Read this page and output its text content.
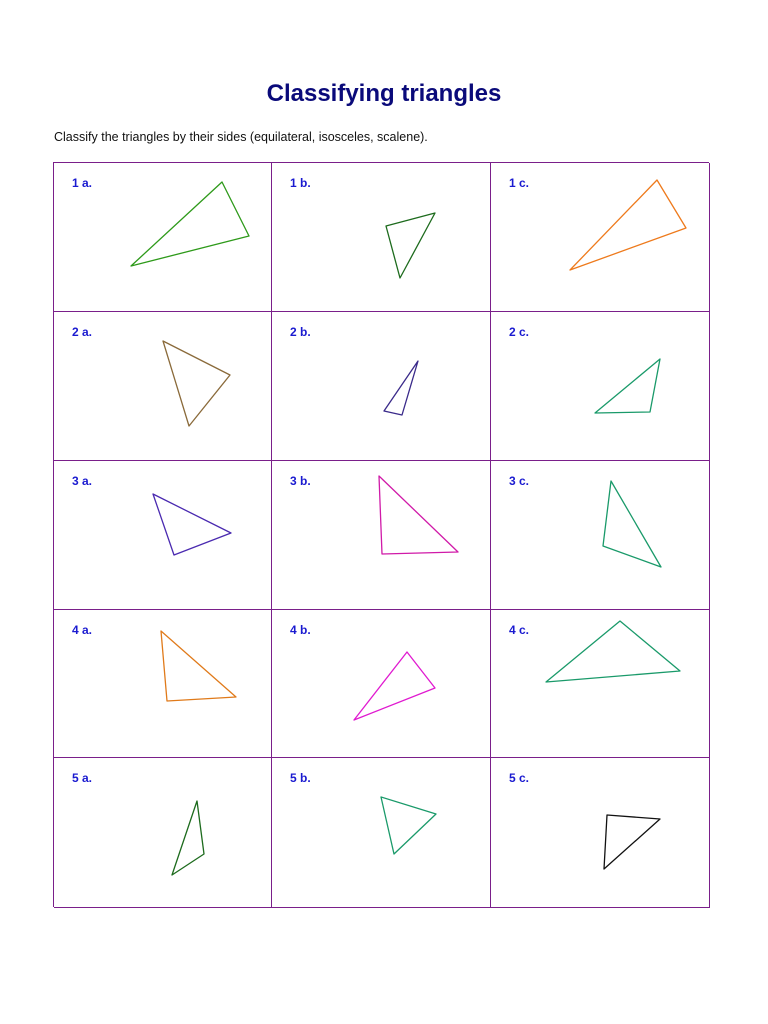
Classifying triangles
Classify the triangles by their sides (equilateral, isosceles, scalene).
1 a.	1 b.	1 c.
2 a.	2 b.	2 c.
3 a.	3 b.	3 c.
4 a.	4 b.	4 c.
5 a.	5 b.	5 c.
